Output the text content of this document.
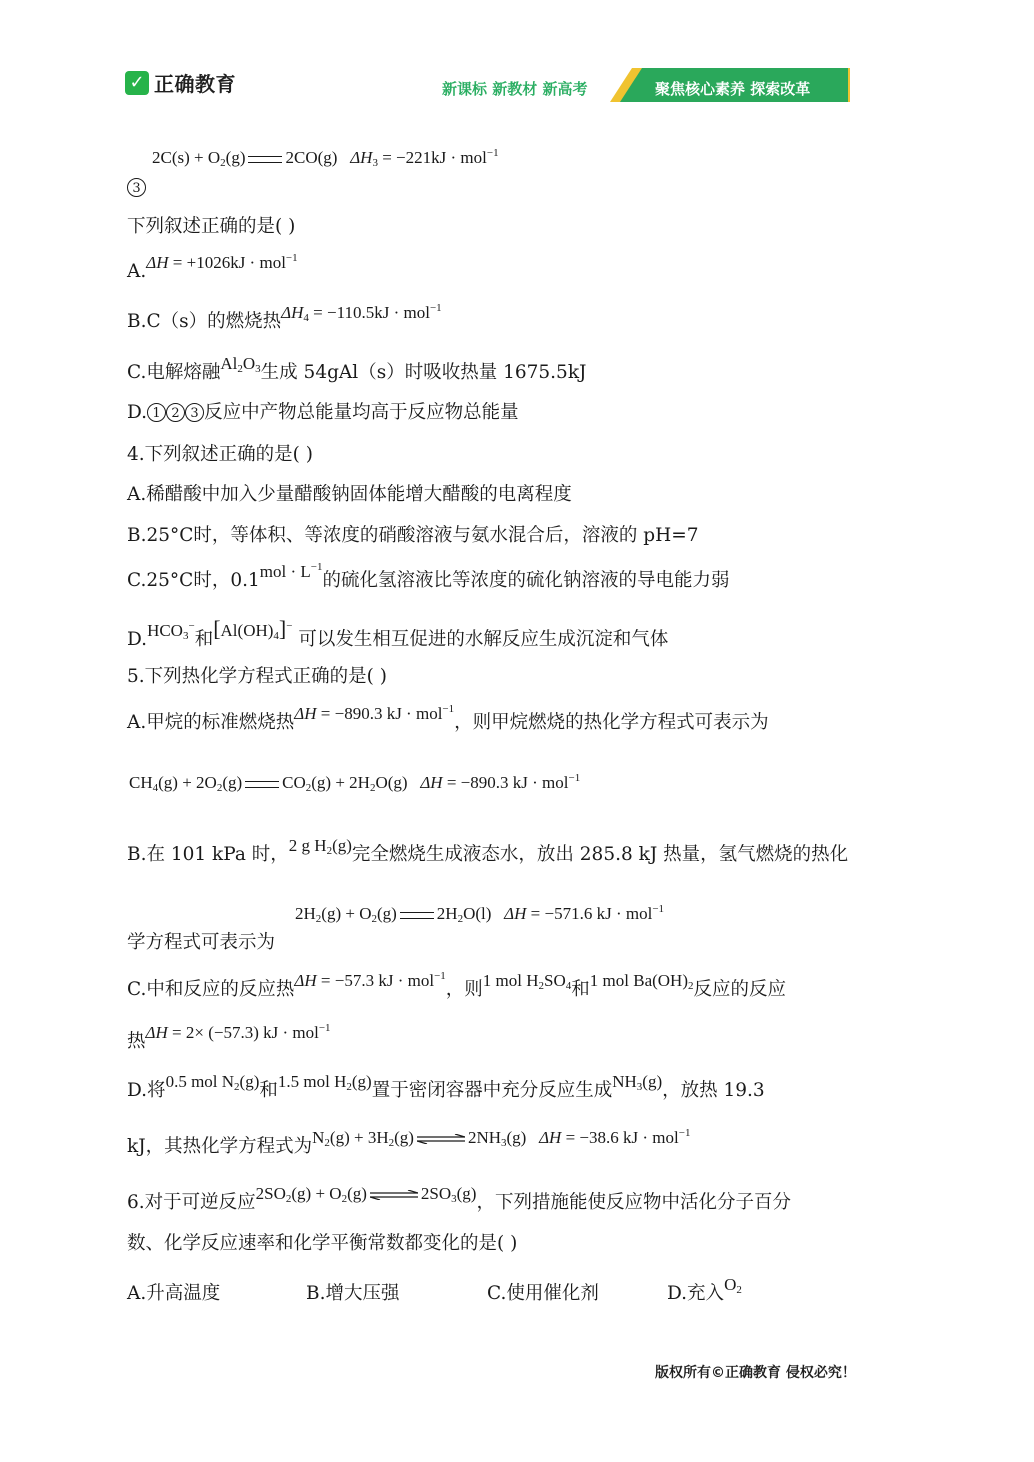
✓ 正确教育	新课标 新教材 新高考	聚焦核心素养 探索改革
$2C(s) + O_2(g)$ 2CO(g) $\Delta H_3 = -221kJ \cdot mol^{-1}$
3
下列叙述正确的是( )
A.ΔH = +1026kJ · mol$^{-1}$
B.C（s）的燃烧热$\Delta H_4 = -110.5kJ \cdot mol^{-1}$
C.电解熔融$Al_2O_3$生成 54gAl（s）时吸收热量 1675.5kJ
D. 1 2 3 反应中产物总能量均高于反应物总能量
4.下列叙述正确的是( )
A.稀醋酸中加入少量醋酸钠固体能增大醋酸的电离程度
B.25°C时，等体积、等浓度的硝酸溶液与氨水混合后，溶液的 pH=7
C.25°C时，$0.1mol \cdot L^{-1}$的硫化氢溶液比等浓度的硫化钠溶液的导电能力弱
$D.HCO_3^-$和$[Al(OH)_4]^-$ 可以发生相互促进的水解反应生成沉淀和气体
5.下列热化学方程式正确的是( )
A.甲烷的标准燃烧热ΔH = −890.3 kJ · mol$^{-1}$，则甲烷燃烧的热化学方程式可表示为
$CH_4(g) + 2O_2(g) CO_2(g) + 2H_2O(g) \Delta H = -890.3$ kJ · mol$^{-1}$
B.在 101 kPa 时，2 g $H_2(g)$完全燃烧生成液态水，放出 285.8 kJ 热量，氢气燃烧的热化
$2H_2(g) + O_2(g)$ $2H_2O(l) \Delta H = -571.6$ kJ · mol$^{-1}$
学方程式可表示为
C.中和反应的反应热ΔH = −57.3 kJ · mol$^{-1}$，则1 mol $H_2SO_4$和1 mol $Ba(OH)_2$反应的反应
热ΔH = 2× (−57.3) kJ · mol$^{-1}$
D.将0.5 mol $N_2(g)$和1.5 mol $H_2(g)$置于密闭容器中充分反应生成$NH_3(g)$，放热 19.3
kJ，其热化学方程式为$N_2(g) + 3H_2(g)$ ⇌ $2NH_3(g) \Delta H = -38.6$ kJ · mol$^{-1}$
6.对于可逆反应$2SO_2(g) + O_2(g)$ ⇌ $2SO_3(g)$，下列措施能使反应物中活化分子百分
数、化学反应速率和化学平衡常数都变化的是( )
A.升高温度	B.增大压强	C.使用催化剂	D.充入$O_2$
版权所有©正确教育 侵权必究！
